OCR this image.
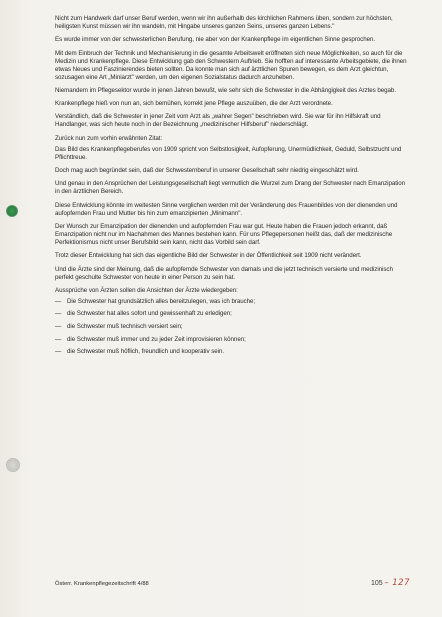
Nicht zum Handwerk darf unser Beruf werden, wenn wir ihn außerhalb des kirchlichen Rahmens üben, sondern zur höchsten, heiligsten Kunst müssen wir ihn wandeln, mit Hingabe unseres ganzen Seins, unseres ganzen Lebens."

Es wurde immer von der schwesterlichen Berufung, nie aber von der Krankenpflege im eigentlichen Sinne gesprochen.

Mit dem Einbruch der Technik und Mechanisierung in die gesamte Arbeitswelt eröffneten sich neue Möglichkeiten, so auch für die Medizin und Krankenpflege. Diese Entwicklung gab den Schwestern Auftrieb. Sie hofften auf interessante Arbeitsgebiete, die ihnen etwas Neues und Faszinierendes bieten sollten. Da konnte man sich auf ärztlichen Spuren bewegen, es dem Arzt gleichtun, sozusagen eine Art „Miniarzt" werden, um den eigenen Sozialstatus dadurch anzuheben.

Niemandem im Pflegesektor wurde in jenen Jahren bewußt, wie sehr sich die Schwester in die Abhängigkeit des Arztes begab.

Krankenpflege hieß von nun an, sich bemühen, korrekt jene Pflege auszuüben, die der Arzt verordnete.

Verständlich, daß die Schwester in jener Zeit vom Arzt als „wahrer Segen" beschrieben wird. Sie war für ihn Hilfskraft und Handlanger, was sich heute noch in der Bezeichnung „medizinischer Hilfsberuf" niederschlägt.

Zurück nun zum vorhin erwähnten Zitat:

Das Bild des Krankenpflegeberufes von 1909 spricht von Selbstlosigkeit, Aufopferung, Unermüdlichkeit, Geduld, Selbstzucht und Pflichttreue.

Doch mag auch begründet sein, daß der Schwesternberuf in unserer Gesellschaft sehr niedrig eingeschätzt wird.

Und genau in den Ansprüchen der Leistungsgesellschaft liegt vermutlich die Wurzel zum Drang der Schwester nach Emanzipation in den ärztlichen Bereich.

Diese Entwicklung könnte im weitesten Sinne verglichen werden mit der Veränderung des Frauenbildes von der dienenden und aufopfernden Frau und Mutter bis hin zum emanzipierten „Minimann".

Der Wunsch zur Emanzipation der dienenden und aufopfernden Frau war gut. Heute haben die Frauen jedoch erkannt, daß Emanzipation nicht nur im Nachahmen des Mannes bestehen kann. Für uns Pflegepersonen heißt das, daß der medizinische Perfektionismus nicht unser Berufsbild sein kann, nicht das Vorbild sein darf.

Trotz dieser Entwicklung hat sich das eigentliche Bild der Schwester in der Öffentlichkeit seit 1909 nicht verändert.

Und die Ärzte sind der Meinung, daß die aufopfernde Schwester von damals und die jetzt technisch versierte und medizinisch perfekt geschulte Schwester von heute in einer Person zu sein hat.

Aussprüche von Ärzten sollen die Ansichten der Ärzte wiedergeben:

— Die Schwester hat grundsätzlich alles bereitzulegen, was ich brauche;
— die Schwester hat alles sofort und gewissenhaft zu erledigen;
— die Schwester muß technisch versiert sein;
— die Schwester muß immer und zu jeder Zeit improvisieren können;
— die Schwester muß höflich, freundlich und kooperativ sein.
Österr. Krankenpflegezeitschrift 4/88	105 – 127
